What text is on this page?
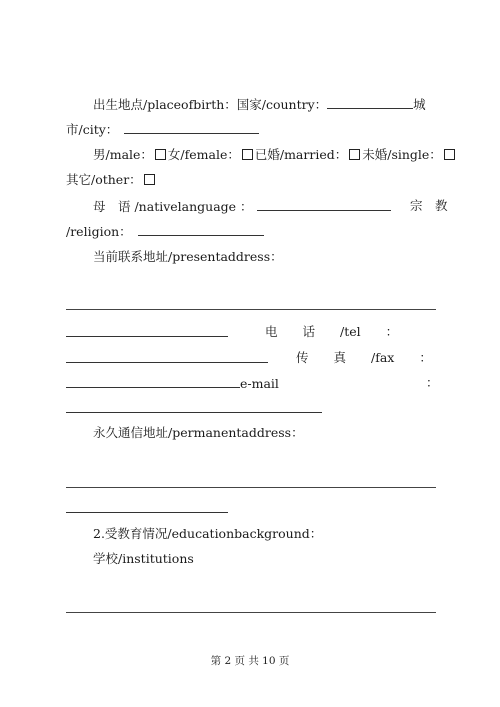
出生地点/placeofbirth：国家/country：	城
市/city：
男/male： 女/female： 已婚/married： 未婚/single：
其它/other：
母　语 /nativelanguage ：	宗　教
/religion：
当前联系地址/presentaddress：
电　　话　　/tel　　：
传　　真　　/fax　　：
e-mail	：
永久通信地址/permanentaddress：
2.受教育情况/educationbackground：
学校/institutions
第 2 页 共 10 页
